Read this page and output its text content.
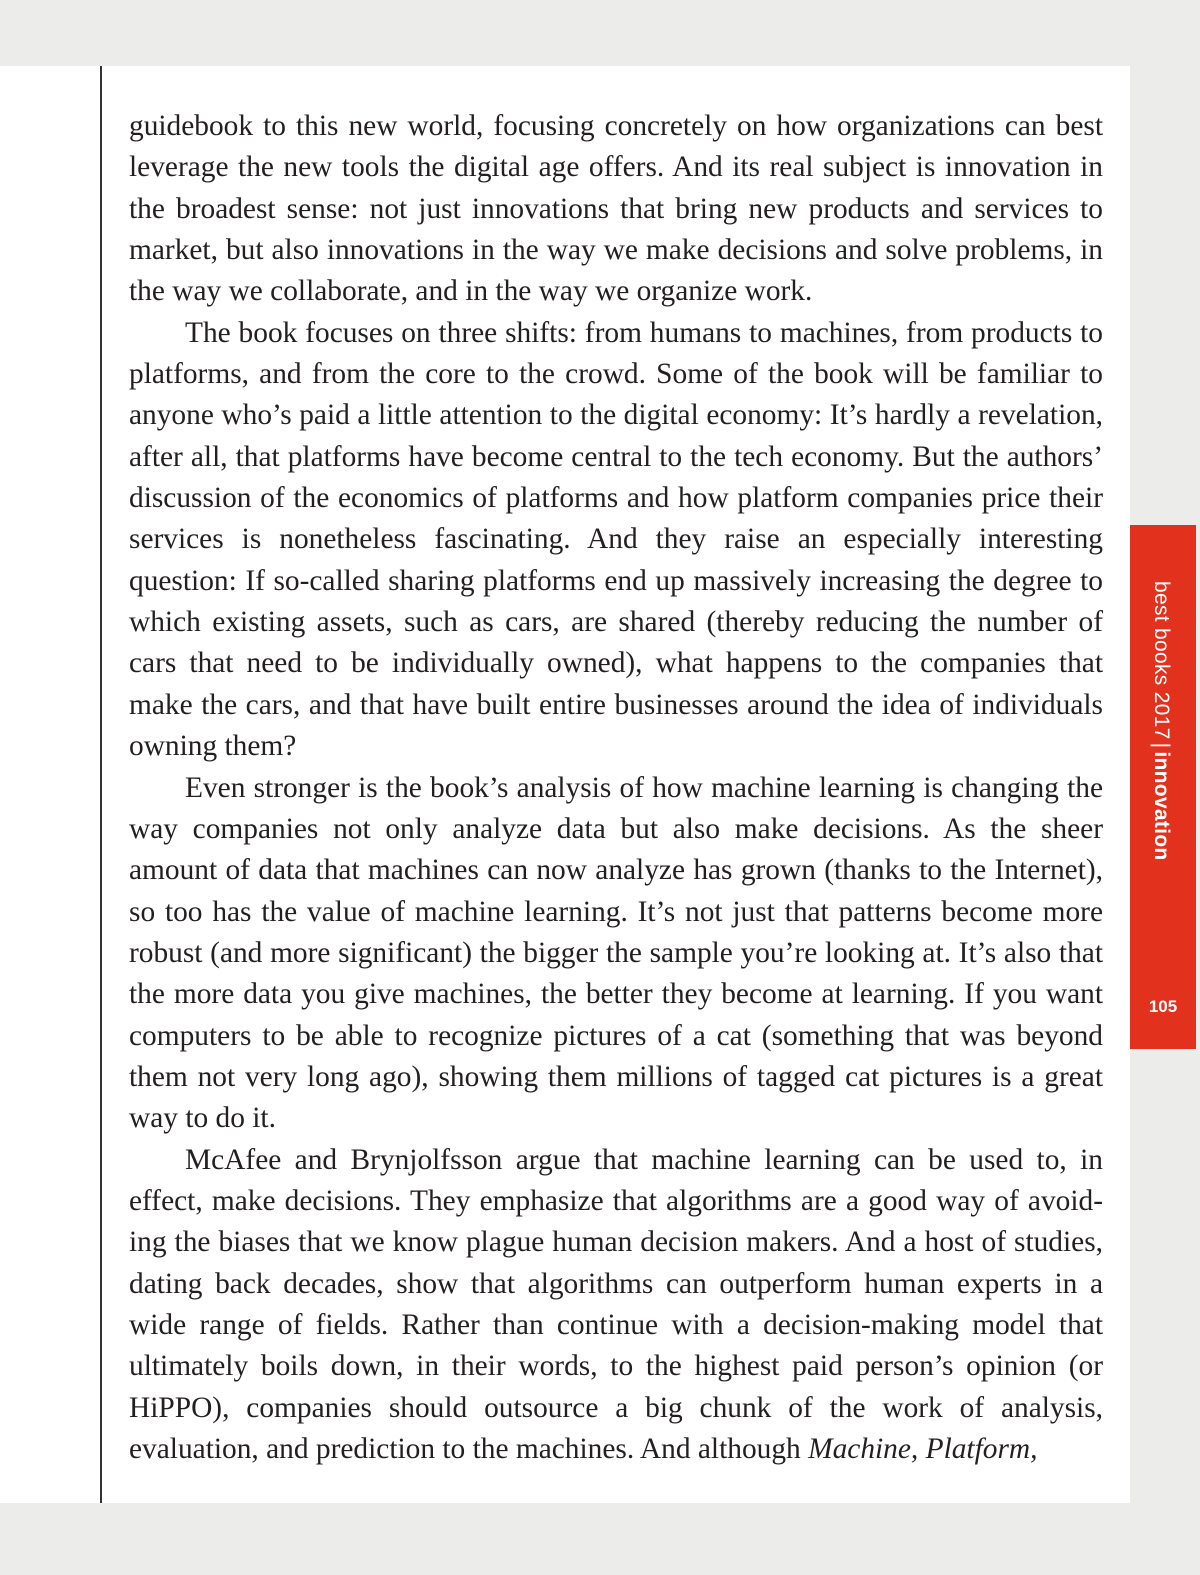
guidebook to this new world, focusing concretely on how organizations can best leverage the new tools the digital age offers. And its real subject is innovation in the broadest sense: not just innovations that bring new products and services to market, but also innovations in the way we make decisions and solve problems, in the way we collaborate, and in the way we organize work.

The book focuses on three shifts: from humans to machines, from products to platforms, and from the core to the crowd. Some of the book will be familiar to anyone who’s paid a little attention to the digital economy: It’s hardly a revelation, after all, that platforms have become central to the tech economy. But the authors’ discussion of the economics of platforms and how platform companies price their services is nonetheless fascinating. And they raise an especially interesting question: If so-called sharing platforms end up massively increasing the degree to which existing assets, such as cars, are shared (thereby reducing the number of cars that need to be individually owned), what happens to the companies that make the cars, and that have built entire businesses around the idea of individuals owning them?

Even stronger is the book’s analysis of how machine learning is changing the way companies not only analyze data but also make decisions. As the sheer amount of data that machines can now analyze has grown (thanks to the Internet), so too has the value of machine learning. It’s not just that patterns become more robust (and more significant) the bigger the sample you’re looking at. It’s also that the more data you give machines, the better they become at learning. If you want computers to be able to recognize pictures of a cat (something that was beyond them not very long ago), showing them millions of tagged cat pictures is a great way to do it.

McAfee and Brynjolfsson argue that machine learning can be used to, in effect, make decisions. They emphasize that algorithms are a good way of avoiding the biases that we know plague human decision makers. And a host of studies, dating back decades, show that algorithms can outperform human experts in a wide range of fields. Rather than continue with a decision-making model that ultimately boils down, in their words, to the highest paid person’s opinion (or HiPPO), companies should outsource a big chunk of the work of analysis, evaluation, and prediction to the machines. And although Machine, Platform,

best books 2017|innovation
105
